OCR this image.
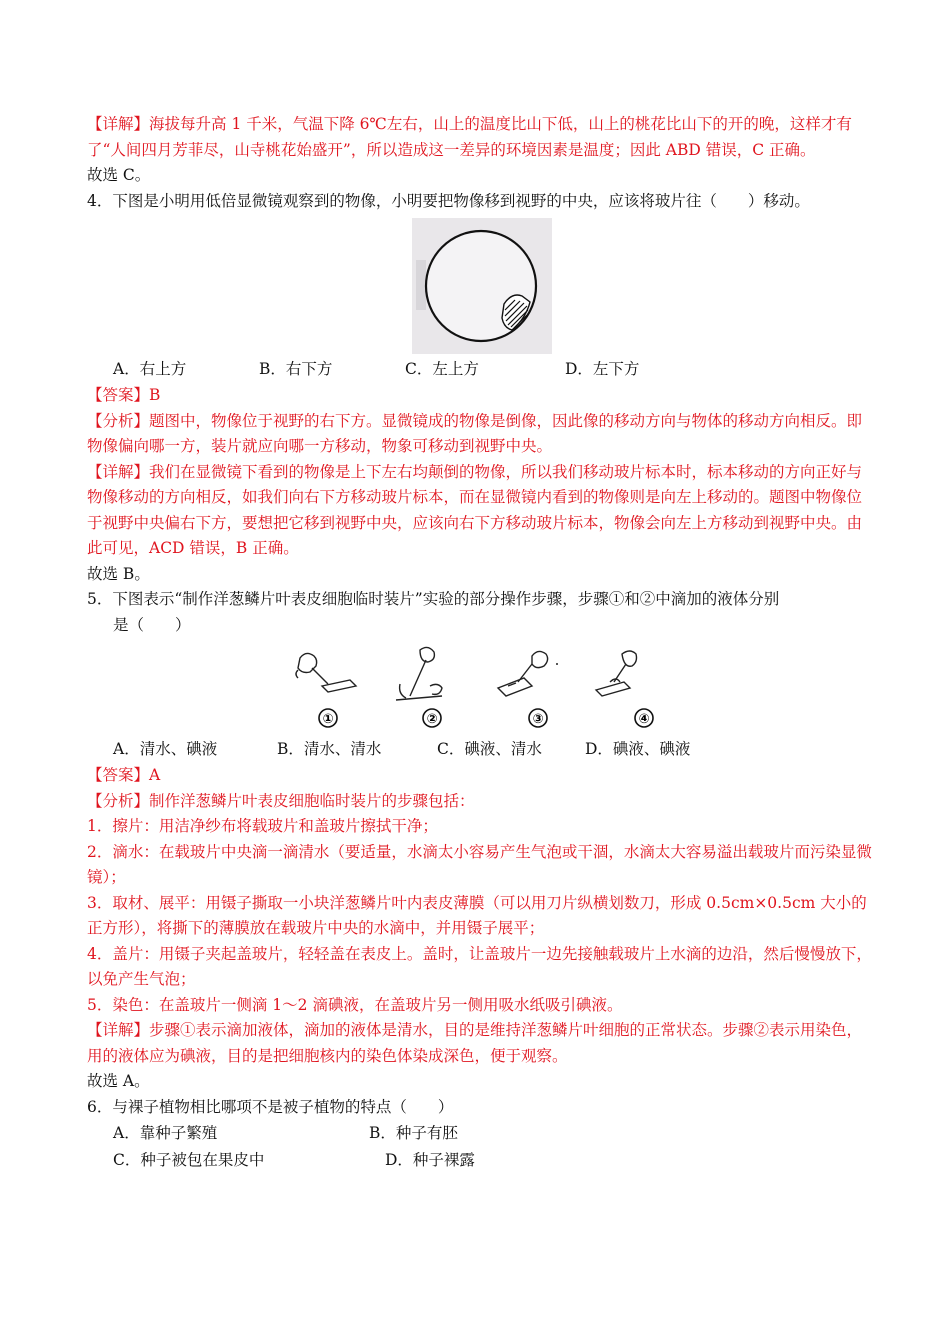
【详解】海拔每升高 1 千米，气温下降 6℃左右，山上的温度比山下低，山上的桃花比山下的开的晚，这样才有了“人间四月芳菲尽，山寺桃花始盛开”，所以造成这一差异的环境因素是温度；因此 ABD 错误，C 正确。

故选 C。

4．下图是小明用低倍显微镜观察到的物像，小明要把物像移到视野的中央，应该将玻片往（　　）移动。

A．右上方	B．右下方	C．左上方	D．左下方

【答案】B

【分析】题图中，物像位于视野的右下方。显微镜成的物像是倒像，因此像的移动方向与物体的移动方向相反。即物像偏向哪一方，装片就应向哪一方移动，物象可移动到视野中央。

【详解】我们在显微镜下看到的物像是上下左右均颠倒的物像，所以我们移动玻片标本时，标本移动的方向正好与物像移动的方向相反，如我们向右下方移动玻片标本，而在显微镜内看到的物像则是向左上移动的。题图中物像位于视野中央偏右下方，要想把它移到视野中央，应该向右下方移动玻片标本，物像会向左上方移动到视野中央。由此可见，ACD 错误，B 正确。

故选 B。

5．下图表示“制作洋葱鳞片叶表皮细胞临时装片”实验的部分操作步骤，步骤①和②中滴加的液体分别

是（　　）

①	②	③	④
A．清水、碘液	B．清水、清水	C．碘液、清水	D．碘液、碘液

【答案】A

【分析】制作洋葱鳞片叶表皮细胞临时装片的步骤包括：

1．擦片：用洁净纱布将载玻片和盖玻片擦拭干净；

2．滴水：在载玻片中央滴一滴清水（要适量，水滴太小容易产生气泡或干涸，水滴太大容易溢出载玻片而污染显微镜）；

3．取材、展平：用镊子撕取一小块洋葱鳞片叶内表皮薄膜（可以用刀片纵横划数刀，形成 0.5cm×0.5cm 大小的正方形），将撕下的薄膜放在载玻片中央的水滴中，并用镊子展平；

4．盖片：用镊子夹起盖玻片，轻轻盖在表皮上。盖时，让盖玻片一边先接触载玻片上水滴的边沿，然后慢慢放下，以免产生气泡；

5．染色：在盖玻片一侧滴 1～2 滴碘液，在盖玻片另一侧用吸水纸吸引碘液。

【详解】步骤①表示滴加液体，滴加的液体是清水，目的是维持洋葱鳞片叶细胞的正常状态。步骤②表示用染色，用的液体应为碘液，目的是把细胞核内的染色体染成深色，便于观察。

故选 A。

6．与裸子植物相比哪项不是被子植物的特点（　　）

A．靠种子繁殖	B．种子有胚
C．种子被包在果皮中	D．种子裸露
